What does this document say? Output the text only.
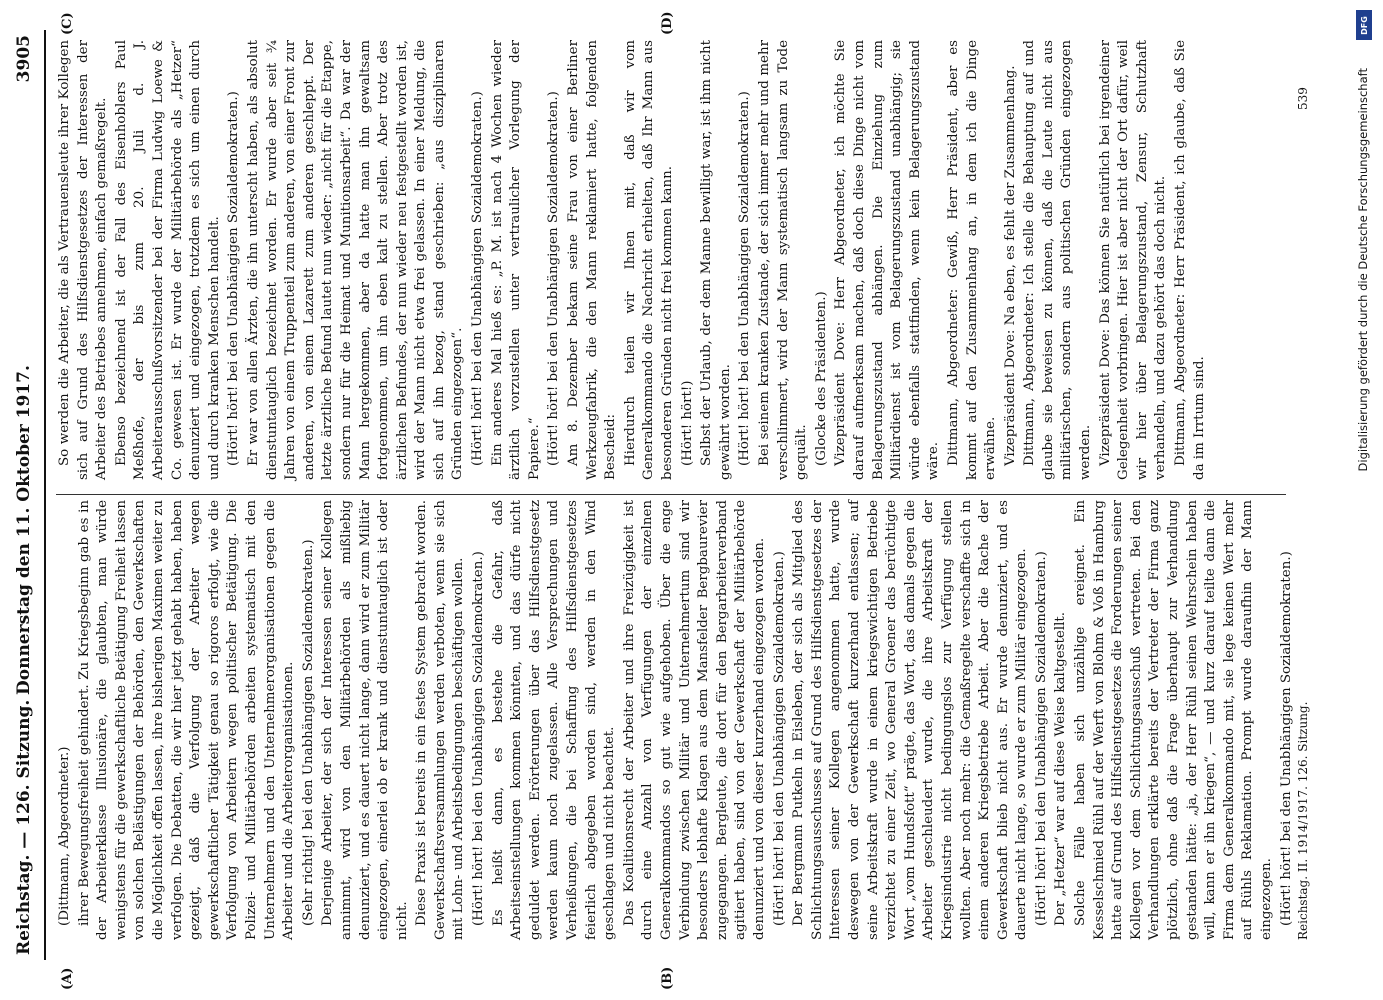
Reichstag. — 126. Sitzung.
Donnerstag den 11. Oktober 1917.
3905
(A)	(B)
(C)	(D)

(Dittmann, Abgeordneter.) ihrer Bewegungsfreiheit gehindert. Zu Kriegsbeginn gab es in der Arbeiterklasse Illusionäre, die glaubten, man würde wenigstens für die gewerkschaftliche Betätigung Freiheit lassen von solchen Belästigungen der Behörden, den Gewerkschaften die Möglichkeit offen lassen, ihre bisherigen Maximen weiter zu verfolgen. Die Debatten, die wir hier jetzt gehabt haben, haben gezeigt, daß die Verfolgung der Arbeiter wegen gewerkschaftlicher Tätigkeit genau so rigoros erfolgt, wie die Verfolgung von Arbeitern wegen politischer Betätigung. Die Polizei- und Militärbehörden arbeiten systematisch mit den Unternehmern und den Unternehmerorganisationen gegen die Arbeiter und die Arbeiterorganisationen. (Sehr richtig! bei den Unabhängigen Sozialdemokraten.) Derjenige Arbeiter, der sich der Interessen seiner Kollegen annimmt, wird von den Militärbehörden als mißliebig denunziert, und es dauert nicht lange, dann wird er zum Militär eingezogen, einerlei ob er krank und dienstuntauglich ist oder nicht. Diese Praxis ist bereits in ein festes System gebracht worden. Gewerkschaftsversammlungen werden verboten, wenn sie sich mit Lohn- und Arbeitsbedingungen beschäftigen wollen. (Hört! hört! bei den Unabhängigen Sozialdemokraten.) Es heißt dann, es bestehe die Gefahr, daß Arbeitseinstellungen kommen könnten, und das dürfe nicht geduldet werden. Erörterungen über das Hilfsdienstgesetz werden kaum noch zugelassen. Alle Versprechungen und Verheißungen, die bei Schaffung des Hilfsdienstgesetzes feierlich abgegeben worden sind, werden in den Wind geschlagen und nicht beachtet. Das Koalitionsrecht der Arbeiter und ihre Freizügigkeit ist durch eine Anzahl von Verfügungen der einzelnen Generalkommandos so gut wie aufgehoben. Über die enge Verbindung zwischen Militär und Unternehmertum sind wir besonders lebhafte Klagen aus dem Mansfelder Bergbaurevier zugegangen. Bergleute, die dort für den Bergarbeiterverband agitiert haben, sind von der Gewerkschaft der Militärbehörde denunziert und von dieser kurzerhand eingezogen worden. (Hört! hört! bei den Unabhängigen Sozialdemokraten.) Der Bergmann Putkeln in Eisleben, der sich als Mitglied des Schlichtungsausschusses auf Grund des Hilfsdienstgesetzes der Interessen seiner Kollegen angenommen hatte, wurde deswegen von der Gewerkschaft kurzerhand entlassen; auf seine Arbeitskraft wurde in einem kriegswichtigen Betriebe verzichtet zu einer Zeit, wo General Groener das berüchtigte Wort „vom Hundsfott“ prägte, das Wort, das damals gegen die Arbeiter geschleudert wurde, die ihre Arbeitskraft der Kriegsindustrie nicht bedingungslos zur Verfügung stellen wollten. Aber noch mehr: die Gemaßregelte verschaffte sich in einem anderen Kriegsbetriebe Arbeit. Aber die Rache der Gewerkschaft blieb nicht aus. Er wurde denunziert, und es dauerte nicht lange, so wurde er zum Militär eingezogen. (Hört! hört! bei den Unabhängigen Sozialdemokraten.) Der „Hetzer“ war auf diese Weise kaltgestellt. Solche Fälle haben sich unzählige ereignet. Ein Kesselschmied Rühl auf der Werft von Blohm & Voß in Hamburg hatte auf Grund des Hilfsdienstgesetzes die Forderungen seiner Kollegen vor dem Schlichtungsausschuß vertreten. Bei den Verhandlungen erklärte bereits der Vertreter der Firma ganz plötzlich, ohne daß die Frage überhaupt zur Verhandlung gestanden hätte: „ja, der Herr Rühl seinen Wehrschein haben will, kann er ihn kriegen“, — und kurz darauf teilte dann die Firma dem Generalkommando mit, sie lege keinen Wert mehr auf Rühls Reklamation. Prompt wurde daraufhin der Mann eingezogen. (Hört! hört! bei den Unabhängigen Sozialdemokraten.)

So werden die Arbeiter, die als Vertrauensleute ihrer Kollegen sich auf Grund des Hilfsdienstgesetzes der Interessen der Arbeiter des Betriebes annehmen, einfach gemaßregelt. Ebenso bezeichnend ist der Fall des Eisenhoblers Paul Meßhofe, der bis zum 20. Juli d. J. Arbeiterausschußvorsitzender bei der Firma Ludwig Loewe & Co. gewesen ist. Er wurde der Militärbehörde als „Hetzer“ denunziert und eingezogen, trotzdem es sich um einen durch und durch kranken Menschen handelt. (Hört! hört! bei den Unabhängigen Sozialdemokraten.) Er war von allen Ärzten, die ihn unterscht haben, als absolut dienstuntauglich bezeichnet worden. Er wurde aber seit ¾ Jahren von einem Truppenteil zum anderen, von einer Front zur anderen, von einem Lazarett zum anderen geschleppt. Der letzte ärztliche Befund lautet nun wieder: „nicht für die Etappe, sondern nur für die Heimat und Munitionsarbeit“. Da war der Mann hergekommen, aber da hatte man ihn gewaltsam fortgenommen, um ihn eben kalt zu stellen. Aber trotz des ärztlichen Befundes, der nun wieder neu festgestellt worden ist, wird der Mann nicht etwa frei gelassen. In einer Meldung, die sich auf ihn bezog, stand geschrieben: „aus disziplinaren Gründen eingezogen“. (Hört! hört! bei den Unabhängigen Sozialdemokraten.) Ein anderes Mal hieß es: „P. M. ist nach 4 Wochen wieder ärztlich vorzustellen unter vertraulicher Vorlegung der Papiere.“ (Hört! hört! bei den Unabhängigen Sozialdemokraten.) Am 8. Dezember bekam seine Frau von einer Berliner Werkzeugfabrik, die den Mann reklamiert hatte, folgenden Bescheid: Hierdurch teilen wir Ihnen mit, daß wir vom Generalkommando die Nachricht erhielten, daß Ihr Mann aus besonderen Gründen nicht frei kommen kann. (Hört! hört!) Selbst der Urlaub, der dem Manne bewilligt war, ist ihm nicht gewährt worden. (Hört! hört! bei den Unabhängigen Sozialdemokraten.) Bei seinem kranken Zustande, der sich immer mehr und mehr verschlimmert, wird der Mann systematisch langsam zu Tode gequält. (Glocke des Präsidenten.) Vizepräsident Dove: Herr Abgeordneter, ich möchte Sie darauf aufmerksam machen, daß doch diese Dinge nicht vom Belagerungszustand abhängen. Die Einziehung zum Militärdienst ist vom Belagerungszustand unabhängig; sie würde ebenfalls stattfinden, wenn kein Belagerungszustand wäre. Dittmann, Abgeordneter: Gewiß, Herr Präsident, aber es kommt auf den Zusammenhang an, in dem ich die Dinge erwähne. Vizepräsident Dove: Na eben, es fehlt der Zusammenhang. Dittmann, Abgeordneter: Ich stelle die Behauptung auf und glaube sie beweisen zu können, daß die Leute nicht aus militärischen, sondern aus politischen Gründen eingezogen werden. Vizepräsident Dove: Das können Sie natürlich bei irgendeiner Gelegenheit vorbringen. Hier ist aber nicht der Ort dafür, weil wir hier über Belagerungszustand, Zensur, Schutzhaft verhandeln, und dazu gehört das doch nicht. Dittmann, Abgeordneter: Herr Präsident, ich glaube, daß Sie da im Irrtum sind.

Reichstag. II. 1914/1917. 126. Sitzung.
539	Digitalisierung gefördert durch die Deutsche Forschungsgemeinschaft
DFG
